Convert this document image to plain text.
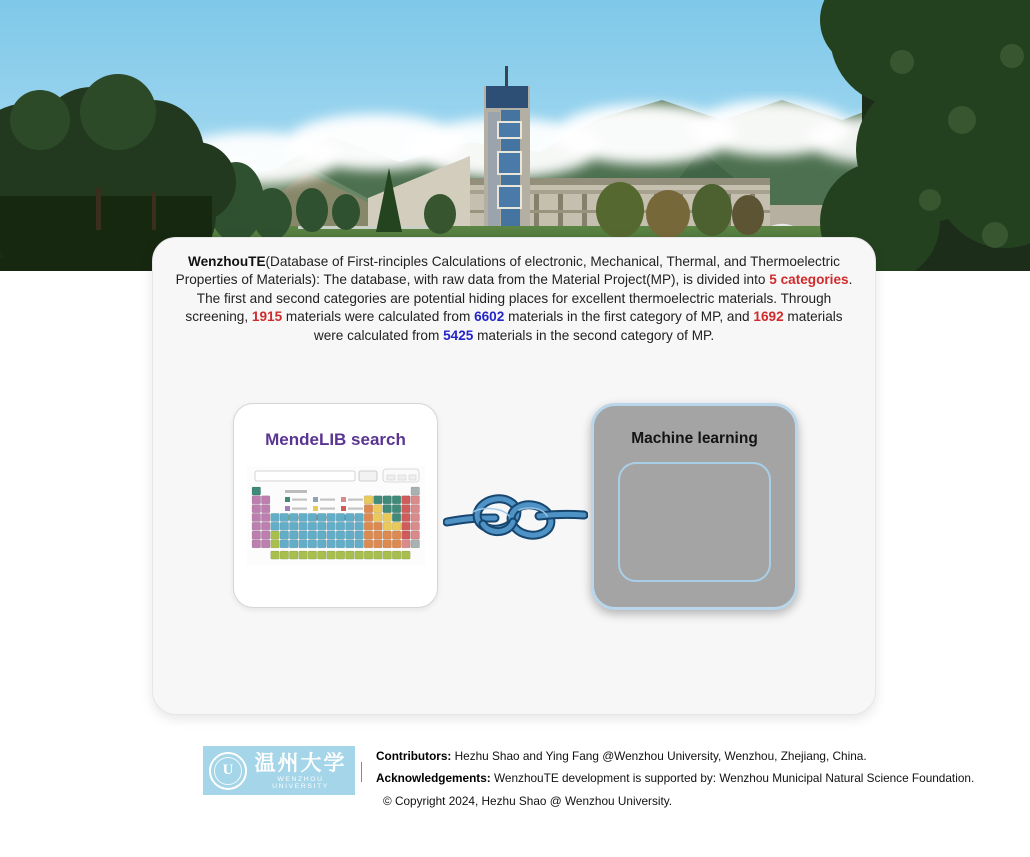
WenzhouTE(Database of First-rinciples Calculations of electronic, Mechanical, Thermal, and Thermoelectric Properties of Materials): The database, with raw data from the Material Project(MP), is divided into 5 categories. The first and second categories are potential hiding places for excellent thermoelectric materials. Through screening, 1915 materials were calculated from 6602 materials in the first category of MP, and 1692 materials were calculated from 5425 materials in the second category of MP.
MendeLIB search	Machine learning
U 温州大学
WENZHOU UNIVERSITY
Contributors: Hezhu Shao and Ying Fang @Wenzhou University, Wenzhou, Zhejiang, China.
Acknowledgements: WenzhouTE development is supported by: Wenzhou Municipal Natural Science Foundation.
© Copyright 2024, Hezhu Shao @ Wenzhou University.
